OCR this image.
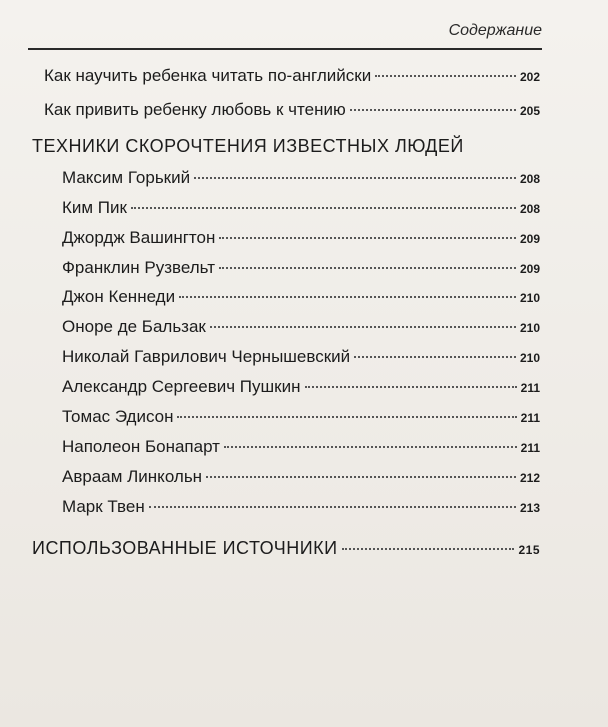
Содержание
Как научить ребенка читать по-английски	202
Как привить ребенку любовь к чтению	205
ТЕХНИКИ СКОРОЧТЕНИЯ ИЗВЕСТНЫХ ЛЮДЕЙ
Максим Горький	208
Ким Пик	208
Джордж Вашингтон	209
Франклин Рузвельт	209
Джон Кеннеди	210
Оноре де Бальзак	210
Николай Гаврилович Чернышевский	210
Александр Сергеевич Пушкин	211
Томас Эдисон	211
Наполеон Бонапарт	211
Авраам Линкольн	212
Марк Твен	213
ИСПОЛЬЗОВАННЫЕ ИСТОЧНИКИ	215
